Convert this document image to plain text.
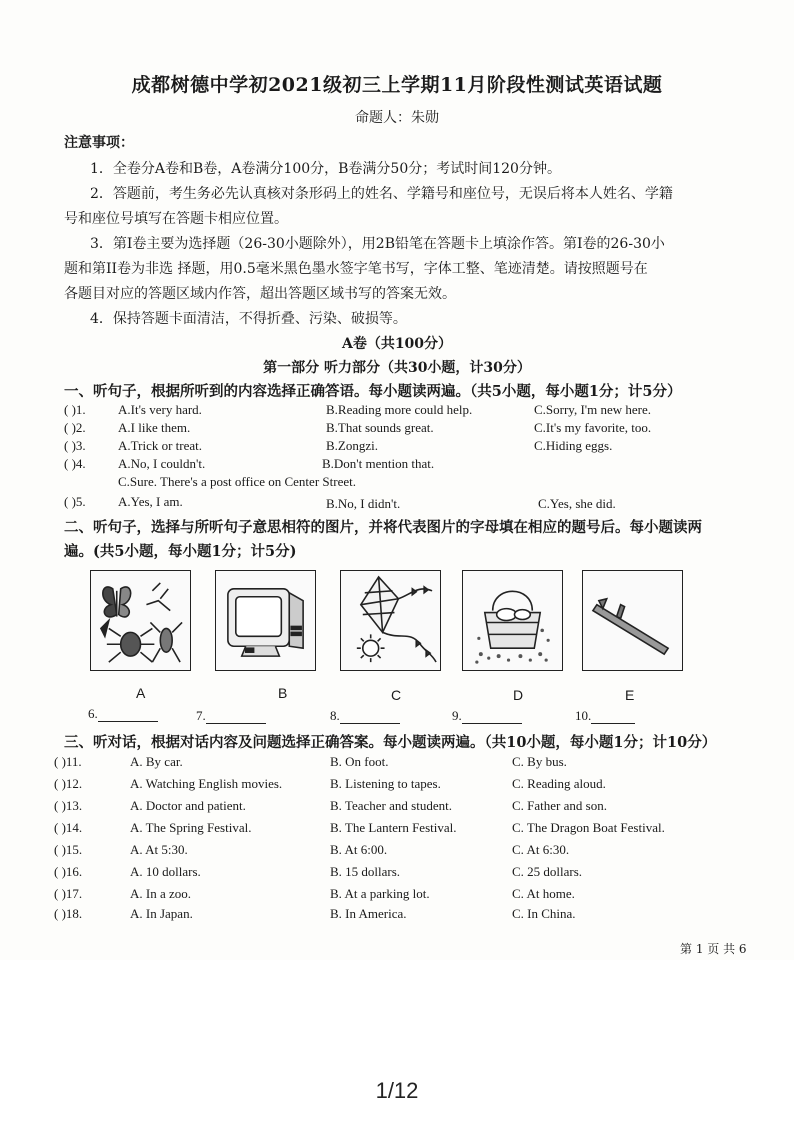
成都树德中学初2021级初三上学期11月阶段性测试英语试题
命题人：朱勋
注意事项：
1．全卷分A卷和B卷，A卷满分100分，B卷满分50分；考试时间120分钟。
2．答题前，考生务必先认真核对条形码上的姓名、学籍号和座位号，无误后将本人姓名、学籍
号和座位号填写在答题卡相应位置。
3．第I卷主要为选择题（26-30小题除外），用2B铅笔在答题卡上填涂作答。第I卷的26-30小
题和第II卷为非选 择题，用0.5毫米黑色墨水签字笔书写，字体工整、笔迹清楚。请按照题号在
各题目对应的答题区域内作答，超出答题区域书写的答案无效。
4．保持答题卡面清洁，不得折叠、污染、破损等。
A卷（共100分）
第一部分 听力部分（共30小题，计30分）
一、听句子，根据所听到的内容选择正确答语。每小题读两遍。（共5小题，每小题1分；计5分）
( )1. A.It's very hard.	B.Reading more could help.	C.Sorry, I'm new here.
( )2. A.I like them.	B.That sounds great.	C.It's my favorite, too.
( )3. A.Trick or treat.	B.Zongzi.	C.Hiding eggs.
( )4. A.No, I couldn't.	B.Don't mention that.
C.Sure. There's a post office on Center Street.
( )5. A.Yes, I am.	B.No, I didn't.	C.Yes, she did.
二、听句子，选择与所听句子意思相符的图片，并将代表图片的字母填在相应的题号后。每小题读两
遍。(共5小题，每小题1分；计5分)
A	B	C	D	E
6.	7.	8.	9.	10.
三、听对话，根据对话内容及问题选择正确答案。每小题读两遍。（共10小题，每小题1分；计10分）
( )11.	A. By car.	B. On foot.	C. By bus.
( )12.	A. Watching English movies.	B. Listening to tapes.	C. Reading aloud.
( )13.	A. Doctor and patient.	B. Teacher and student.	C. Father and son.
( )14.	A. The Spring Festival.	B. The Lantern Festival.	C. The Dragon Boat Festival.
( )15.	A. At 5:30.	B. At 6:00.	C. At 6:30.
( )16.	A. 10 dollars.	B. 15 dollars.	C. 25 dollars.
( )17.	A. In a zoo.	B. At a parking lot.	C. At home.
( )18.	A. In Japan.	B. In America.	C. In China.
第 1 页 共 6
1/12
